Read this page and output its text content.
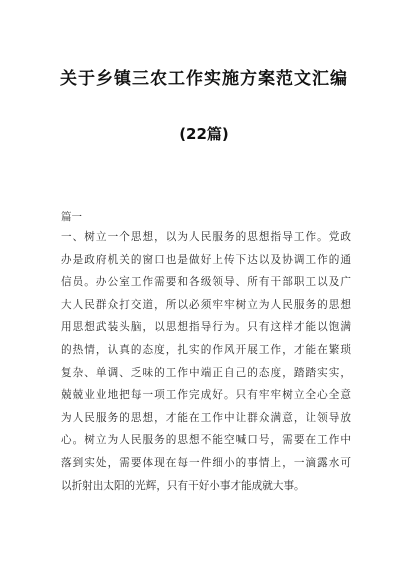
关于乡镇三农工作实施方案范文汇编
(22篇)
篇一
一、树立一个思想，以为人民服务的思想指导工作。党政
办是政府机关的窗口也是做好上传下达以及协调工作的通
信员。办公室工作需要和各级领导、所有干部职工以及广
大人民群众打交道，所以必须牢牢树立为人民服务的思想
用思想武装头脑，以思想指导行为。只有这样才能以饱满
的热情，认真的态度，扎实的作风开展工作，才能在繁琐
复杂、单调、乏味的工作中端正自己的态度，踏踏实实，
兢兢业业地把每一项工作完成好。只有牢牢树立全心全意
为人民服务的思想，才能在工作中让群众满意，让领导放
心。树立为人民服务的思想不能空喊口号，需要在工作中
落到实处，需要体现在每一件细小的事情上，一滴露水可
以折射出太阳的光辉，只有干好小事才能成就大事。
